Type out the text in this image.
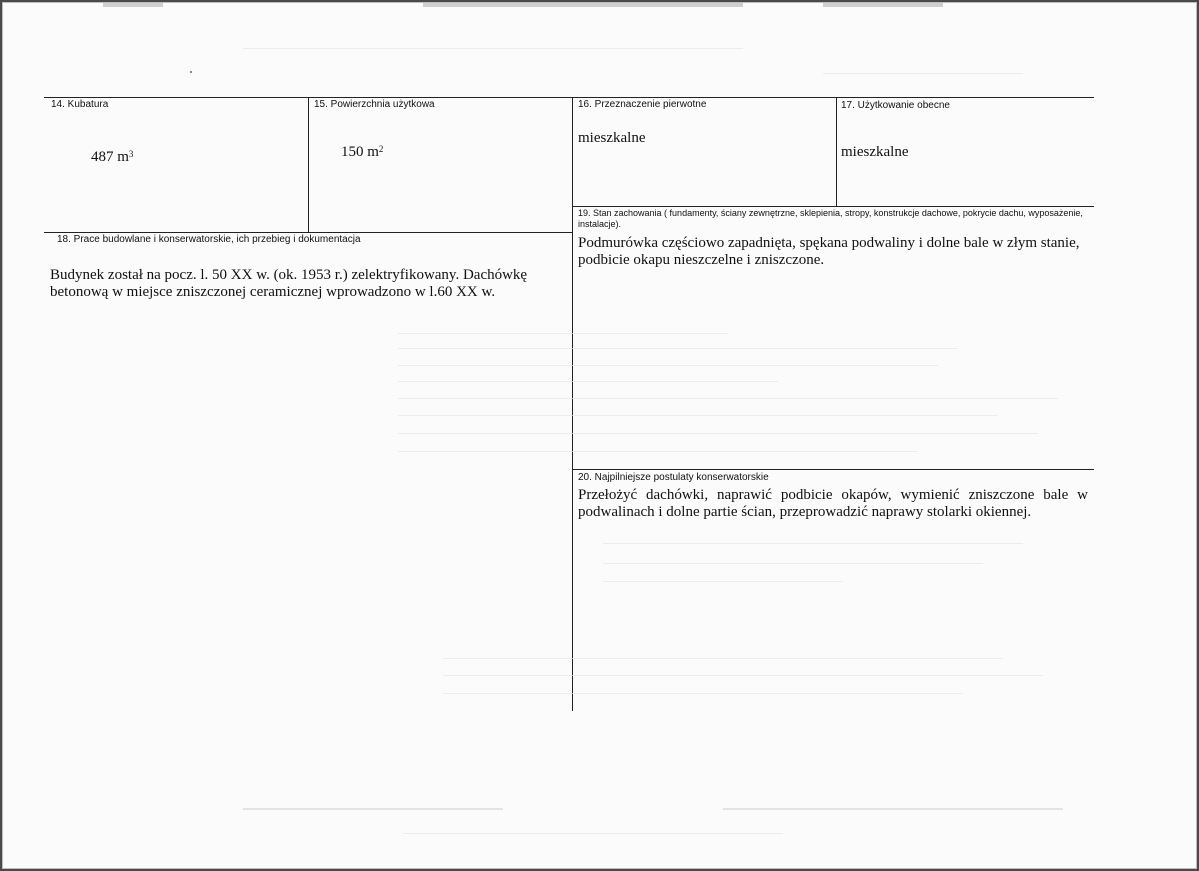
14. Kubatura
487 $m^3$
15. Powierzchnia użytkowa
150 $m^2$
16. Przeznaczenie pierwotne
mieszkalne
17. Użytkowanie obecne
mieszkalne
19. Stan zachowania ( fundamenty, ściany zewnętrzne, sklepienia, stropy, konstrukcje dachowe, pokrycie dachu, wyposażenie, instalacje).
Podmurówka częściowo zapadnięta, spękana podwaliny i dolne bale w złym stanie, podbicie okapu nieszczelne i zniszczone.
18. Prace budowlane i konserwatorskie, ich przebieg i dokumentacja
Budynek został na pocz. l. 50 XX w. (ok. 1953 r.) zelektryfikowany. Dachówkę betonową w miejsce zniszczonej ceramicznej wprowadzono w l.60 XX w.
20. Najpilniejsze postulaty konserwatorskie
Przełożyć dachówki, naprawić podbicie okapów, wymienić zniszczone bale w podwalinach i dolne partie ścian, przeprowadzić naprawy stolarki okiennej.
